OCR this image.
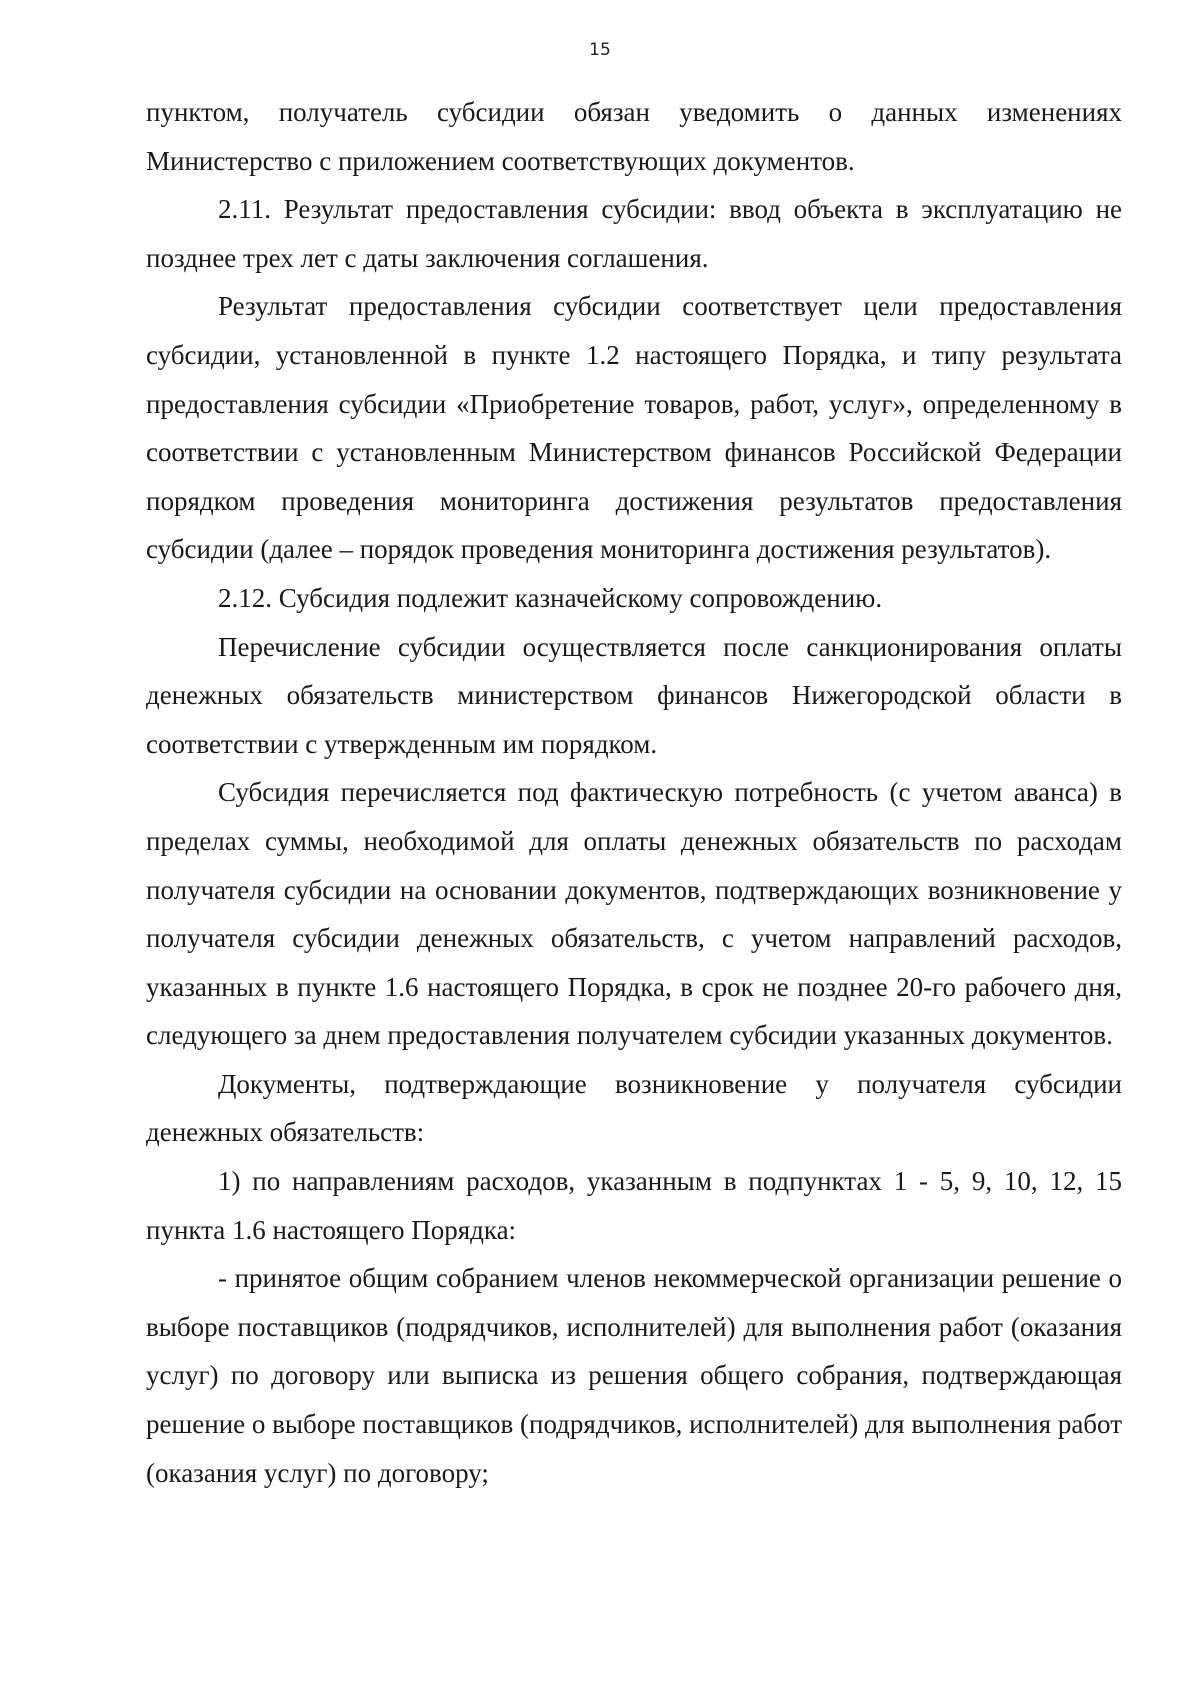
15

пунктом, получатель субсидии обязан уведомить о данных изменениях Министерство с приложением соответствующих документов.

2.11. Результат предоставления субсидии: ввод объекта в эксплуатацию не позднее трех лет с даты заключения соглашения.

Результат предоставления субсидии соответствует цели предоставления субсидии, установленной в пункте 1.2 настоящего Порядка, и типу результата предоставления субсидии «Приобретение товаров, работ, услуг», определенному в соответствии с установленным Министерством финансов Российской Федерации порядком проведения мониторинга достижения результатов предоставления субсидии (далее – порядок проведения мониторинга достижения результатов).

2.12. Субсидия подлежит казначейскому сопровождению.

Перечисление субсидии осуществляется после санкционирования оплаты денежных обязательств министерством финансов Нижегородской области в соответствии с утвержденным им порядком.

Субсидия перечисляется под фактическую потребность (с учетом аванса) в пределах суммы, необходимой для оплаты денежных обязательств по расходам получателя субсидии на основании документов, подтверждающих возникновение у получателя субсидии денежных обязательств, с учетом направлений расходов, указанных в пункте 1.6 настоящего Порядка, в срок не позднее 20-го рабочего дня, следующего за днем предоставления получателем субсидии указанных документов.

Документы, подтверждающие возникновение у получателя субсидии денежных обязательств:

1) по направлениям расходов, указанным в подпунктах 1 - 5, 9, 10, 12, 15 пункта 1.6 настоящего Порядка:

- принятое общим собранием членов некоммерческой организации решение о выборе поставщиков (подрядчиков, исполнителей) для выполнения работ (оказания услуг) по договору или выписка из решения общего собрания, подтверждающая решение о выборе поставщиков (подрядчиков, исполнителей) для выполнения работ (оказания услуг) по договору;
